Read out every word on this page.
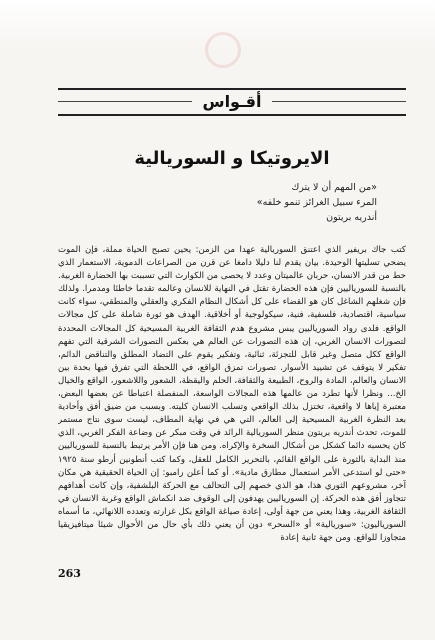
أقـواس
الايروتيكا و السوريالية
«من المهم أن لا يترك
المرء سبيل الغرائز تنمو خلفه»
أندريه بريتون
كتب جاك بريفير الذي اعتنق السوريالية عهدا من الزمن: يحين تصبح الحياة مملة، فإن الموت يضحي تسليتها الوحيدة. بيان يقدم لنا دليلا دامغا عن قرن من الصراعات الدموية، الاستعمار الذي حط من قدر الانسان، حربان عالميتان وعدد لا يحصى من الكوارث التي تسببت بها الحضارة الغربية. بالنسبة للسورياليين فإن هذه الحضارة تقتل في النهاية للانسان وعالمه تقدما خاطئا ومدمرا. ولذلك فإن شغلهم الشاغل كان هو القضاء على كل أشكال النظام الفكري والعقلي والمنطقي، سواء كانت سياسية، اقتصادية، فلسفية، فنية، سيكولوجية أو أخلاقية. الهدف هو ثورة شاملة على كل مجالات الواقع. فلدى رواد السورياليين يبس مشروع هدم الثقافة الغربية المسيحية كل المجالات المحددة لتصورات الانسان الغربي، إن هذه التصورات عن العالم هي بعكس التصورات الشرقية التي تفهم الواقع ككل متصل وغير قابل للتجزئة، ثنائية، وتفكير يقوم على التضاد المطلق والتناقض الدائم، تفكير لا يتوقف عن تشييد الأسوار. تصورات تمزق الواقع، في اللحظة التي تفرق فيها بحدة بين الانسان والعالم، المادة والروح، الطبيعة والثقافة، الحلم واليقظة، الشعور واللاشعور، الواقع والخيال الخ... ونظرا لأنها تطرد من عالمها هذه المجالات الواسعة، المنفصلة اعتباطا عن بعضها البعض، معتبرة إياها لا واقعية، تختزل بذلك الواقعي وتسلب الانسان كليته. وبسبب من ضيق أفق وأحادية بعد النظرة الغربية المسيحية إلى العالم، التي هي في نهاية المطاف، ليست سوى نتاج مستمر للموت، تحدث أندريه بريتون منظر السوريالية الرائد في وقت مبكر عن وضاعة الفكر الغربي، الذي كان يحسبه دائما كشكل من أشكال السخرة والإكراه. ومن هنا فإن الأمر يرتبط بالنسبة للسورياليين منذ البداية بالثورة على الواقع القائم، بالتحرير الكامل للعقل، وكما كتب أنطونين أرطو سنة ١٩٢٥ «حتى لو استدعى الأمر استعمال مطارق مادية». أو كما أعلن رامبو: إن الحياة الحقيقية هي مكان آخر، مشروعهم الثوري هذا، هو الذي خصهم إلى التحالف مع الحركة البلشفية، وإن كانت أهدافهم تتجاوز أفق هذه الحركة. إن السورياليين يهدفون إلى الوقوف ضد انكماش الواقع وغربة الانسان في الثقافة الغربية، وهذا يعني من جهة أولى، إعادة صياغة الواقع بكل غزارته وتعدده اللانهائي، ما أسماه السورياليون: «سوريالية» أو «السحر» دون أن يعني ذلك بأي حال من الأحوال شيئا ميتافيزيقيا متجاوزا للواقع. ومن جهة ثانية إعادة
263
